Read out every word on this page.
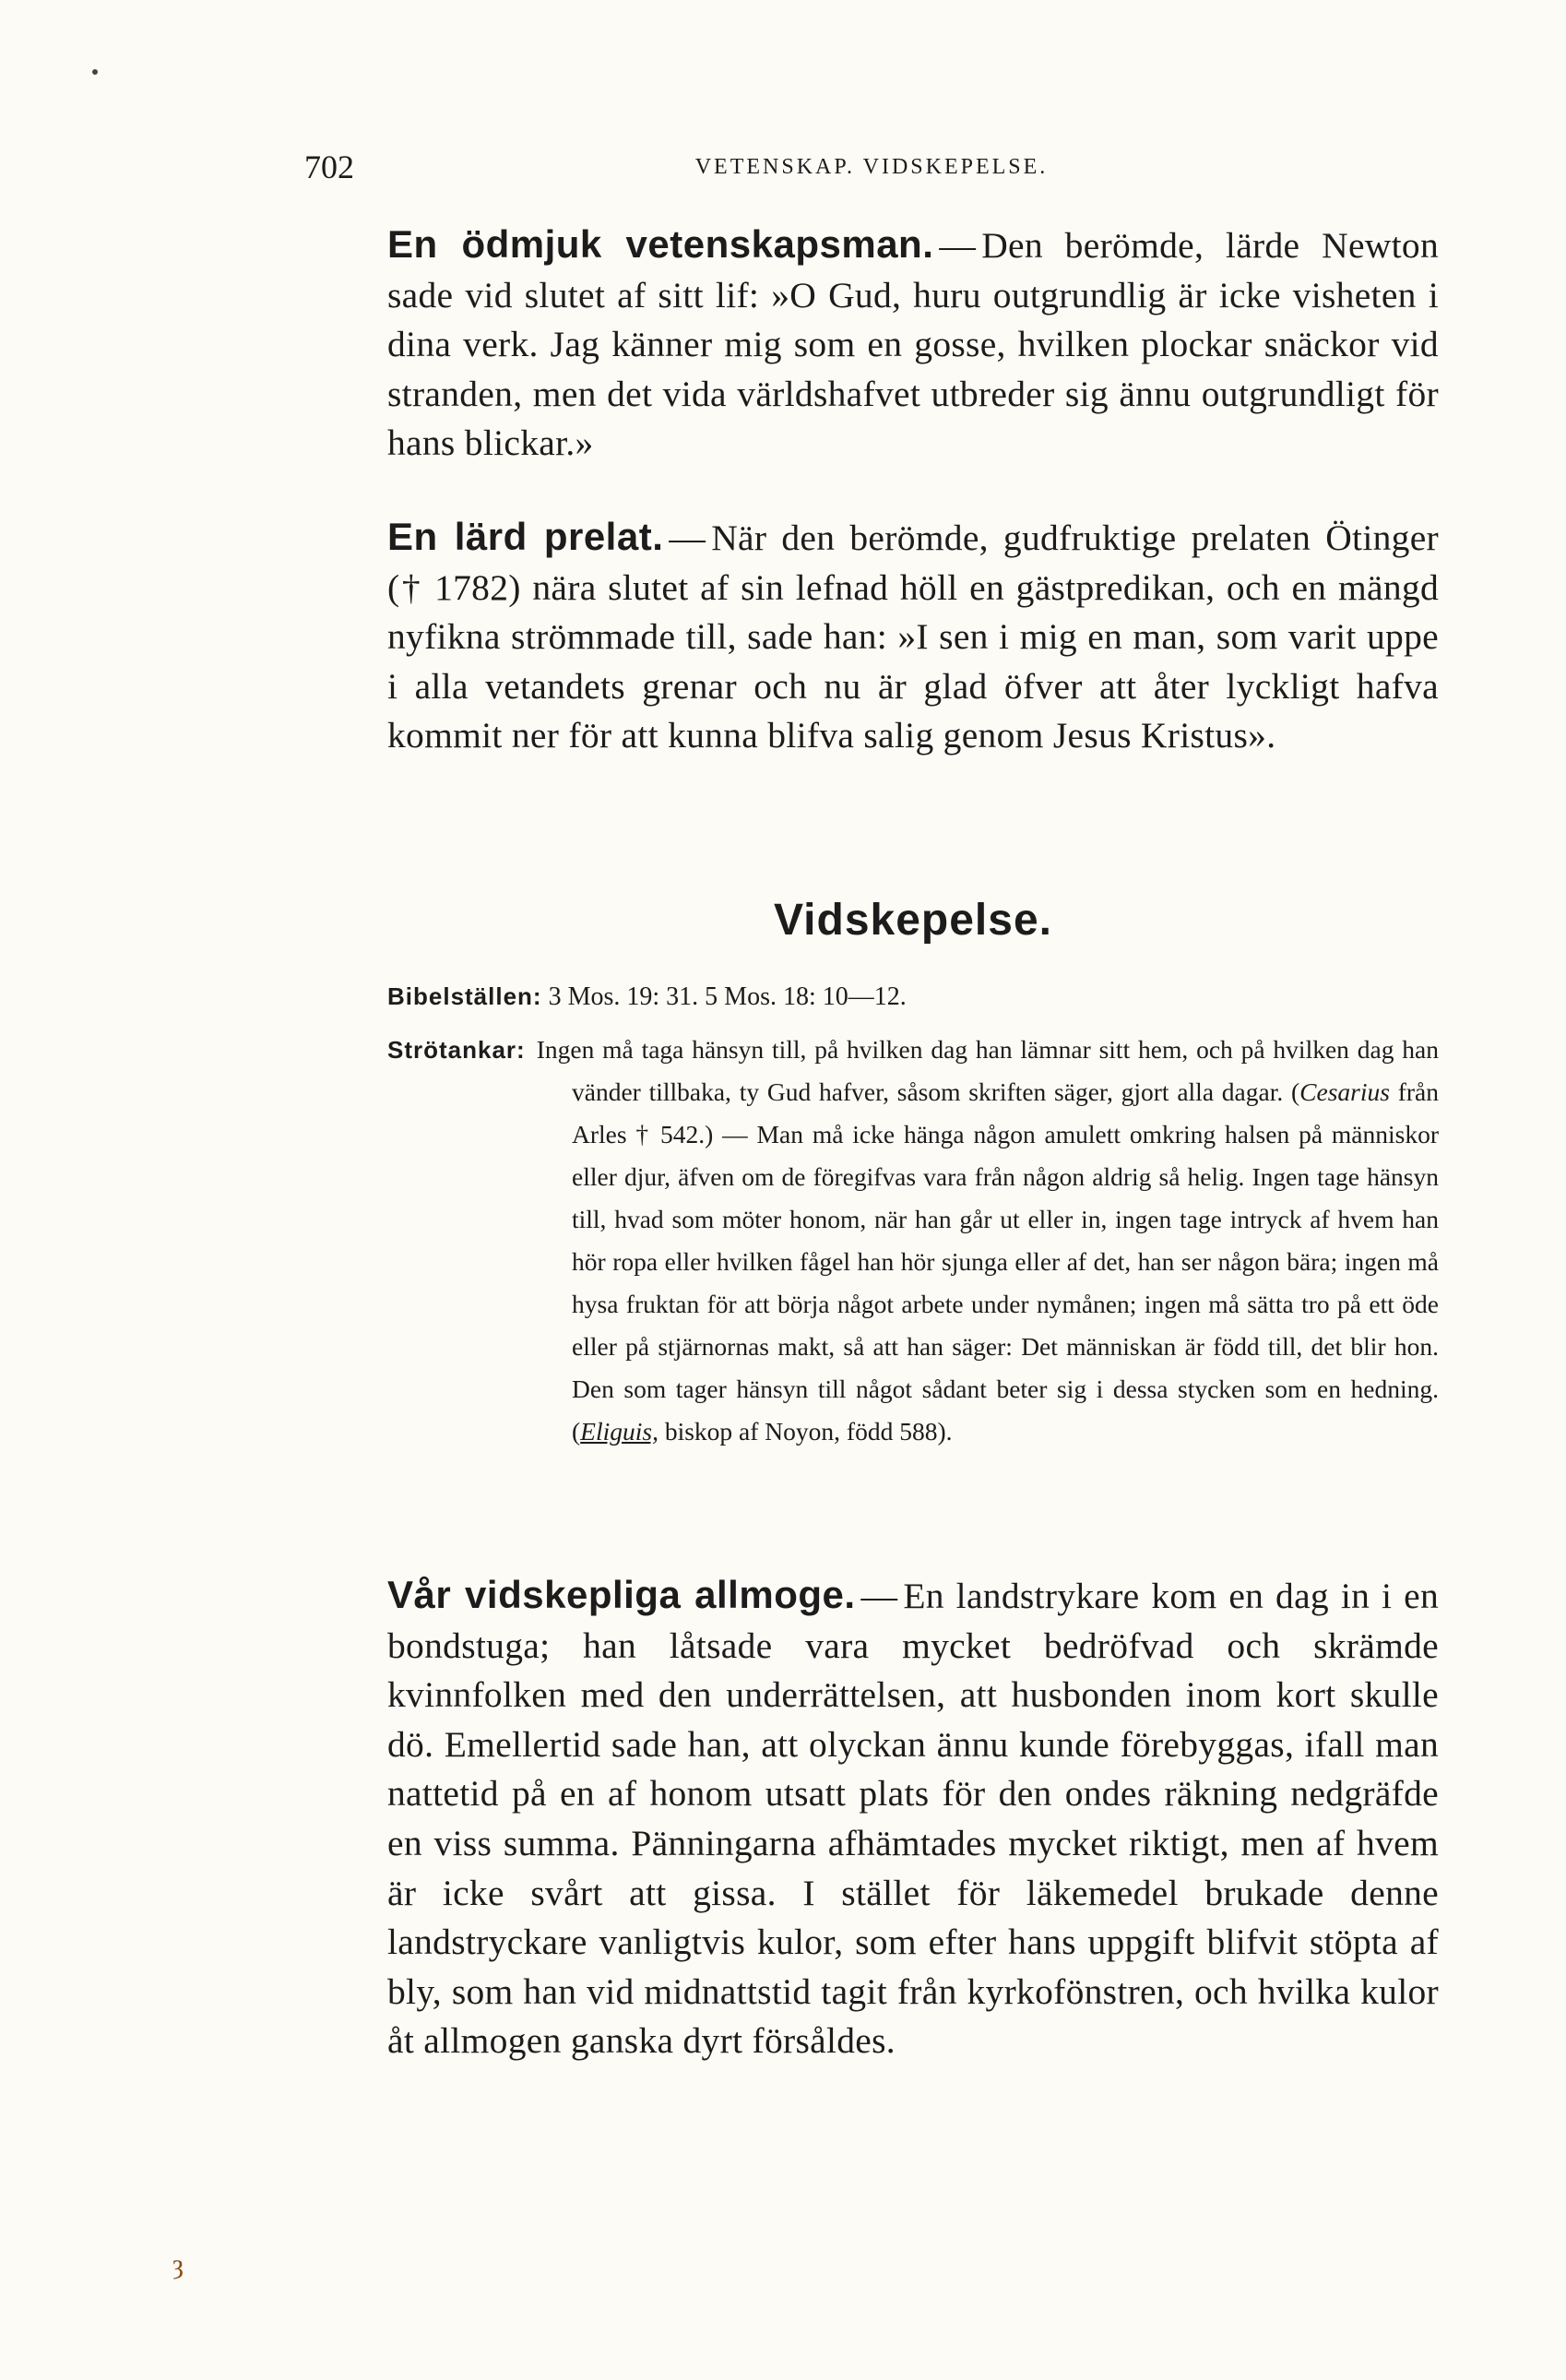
702	VETENSKAP. VIDSKEPELSE.

En ödmjuk vetenskapsman. — Den berömde, lärde Newton sade vid slutet af sitt lif: »O Gud, huru outgrundlig är icke visheten i dina verk. Jag känner mig som en gosse, hvilken plockar snäckor vid stranden, men det vida världshafvet utbreder sig ännu outgrundligt för hans blickar.»

En lärd prelat. — När den berömde, gudfruktige prelaten Ötinger († 1782) nära slutet af sin lefnad höll en gästpredikan, och en mängd nyfikna strömmade till, sade han: »I sen i mig en man, som varit uppe i alla vetandets grenar och nu är glad öfver att åter lyckligt hafva kommit ner för att kunna blifva salig genom Jesus Kristus».

Vidskepelse.
Bibelställen: 3 Mos. 19: 31. 5 Mos. 18: 10—12.

Strötankar: Ingen må taga hänsyn till, på hvilken dag han lämnar sitt hem, och på hvilken dag han vänder tillbaka, ty Gud hafver, såsom skriften säger, gjort alla dagar. (Cesarius från Arles † 542.) — Man må icke hänga någon amulett omkring halsen på människor eller djur, äfven om de föregifvas vara från någon aldrig så helig. Ingen tage hänsyn till, hvad som möter honom, när han går ut eller in, ingen tage intryck af hvem han hör ropa eller hvilken fågel han hör sjunga eller af det, han ser någon bära; ingen må hysa fruktan för att börja något arbete under nymånen; ingen må sätta tro på ett öde eller på stjärnornas makt, så att han säger: Det människan är född till, det blir hon. Den som tager hänsyn till något sådant beter sig i dessa stycken som en hedning. (Eliguis, biskop af Noyon, född 588).

Vår vidskepliga allmoge. — En landstrykare kom en dag in i en bondstuga; han låtsade vara mycket bedröfvad och skrämde kvinnfolken med den underrättelsen, att husbonden inom kort skulle dö. Emellertid sade han, att olyckan ännu kunde förebyggas, ifall man nattetid på en af honom utsatt plats för den ondes räkning nedgräfde en viss summa. Pänningarna afhämtades mycket riktigt, men af hvem är icke svårt att gissa. I stället för läkemedel brukade denne landstryckare vanligtvis kulor, som efter hans uppgift blifvit stöpta af bly, som han vid midnattstid tagit från kyrkofönstren, och hvilka kulor åt allmogen ganska dyrt försåldes.

ȝ
